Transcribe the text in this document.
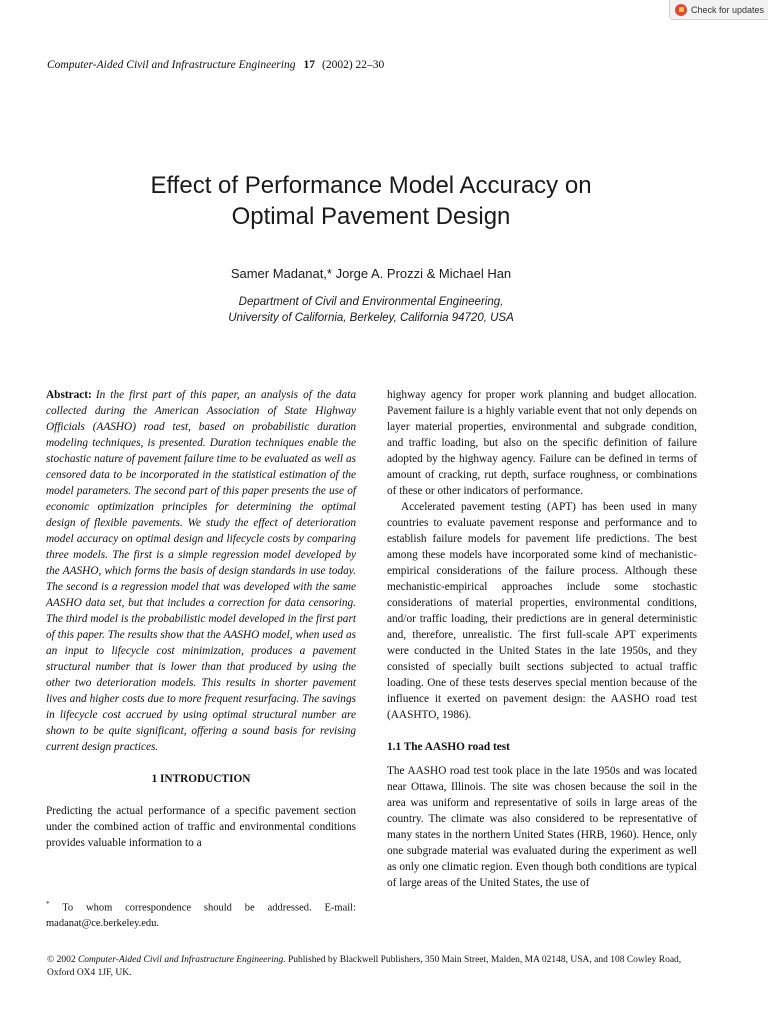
Check for updates
Computer-Aided Civil and Infrastructure Engineering 17 (2002) 22–30
Effect of Performance Model Accuracy on
Optimal Pavement Design
Samer Madanat,* Jorge A. Prozzi & Michael Han
Department of Civil and Environmental Engineering,
University of California, Berkeley, California 94720, USA

Abstract: In the first part of this paper, an analysis of the data collected during the American Association of State Highway Officials (AASHO) road test, based on probabilistic duration modeling techniques, is presented. Duration techniques enable the stochastic nature of pavement failure time to be evaluated as well as censored data to be incorporated in the statistical estimation of the model parameters. The second part of this paper presents the use of economic optimization principles for determining the optimal design of flexible pavements. We study the effect of deterioration model accuracy on optimal design and lifecycle costs by comparing three models. The first is a simple regression model developed by the AASHO, which forms the basis of design standards in use today. The second is a regression model that was developed with the same AASHO data set, but that includes a correction for data censoring. The third model is the probabilistic model developed in the first part of this paper. The results show that the AASHO model, when used as an input to lifecycle cost minimization, produces a pavement structural number that is lower than that produced by using the other two deterioration models. This results in shorter pavement lives and higher costs due to more frequent resurfacing. The savings in lifecycle cost accrued by using optimal structural number are shown to be quite significant, offering a sound basis for revising current design practices.

1 INTRODUCTION

Predicting the actual performance of a specific pavement section under the combined action of traffic and environmental conditions provides valuable information to a

* To whom correspondence should be addressed. E-mail: madanat@ce.berkeley.edu.

highway agency for proper work planning and budget allocation. Pavement failure is a highly variable event that not only depends on layer material properties, environmental and subgrade condition, and traffic loading, but also on the specific definition of failure adopted by the highway agency. Failure can be defined in terms of amount of cracking, rut depth, surface roughness, or combinations of these or other indicators of performance.

Accelerated pavement testing (APT) has been used in many countries to evaluate pavement response and performance and to establish failure models for pavement life predictions. The best among these models have incorporated some kind of mechanistic-empirical considerations of the failure process. Although these mechanistic-empirical approaches include some stochastic considerations of material properties, environmental conditions, and/or traffic loading, their predictions are in general deterministic and, therefore, unrealistic. The first full-scale APT experiments were conducted in the United States in the late 1950s, and they consisted of specially built sections subjected to actual traffic loading. One of these tests deserves special mention because of the influence it exerted on pavement design: the AASHO road test (AASHTO, 1986).

1.1 The AASHO road test

The AASHO road test took place in the late 1950s and was located near Ottawa, Illinois. The site was chosen because the soil in the area was uniform and representative of soils in large areas of the country. The climate was also considered to be representative of many states in the northern United States (HRB, 1960). Hence, only one subgrade material was evaluated during the experiment as well as only one climatic region. Even though both conditions are typical of large areas of the United States, the use of

© 2002 Computer-Aided Civil and Infrastructure Engineering. Published by Blackwell Publishers, 350 Main Street, Malden, MA 02148, USA, and 108 Cowley Road, Oxford OX4 1JF, UK.
